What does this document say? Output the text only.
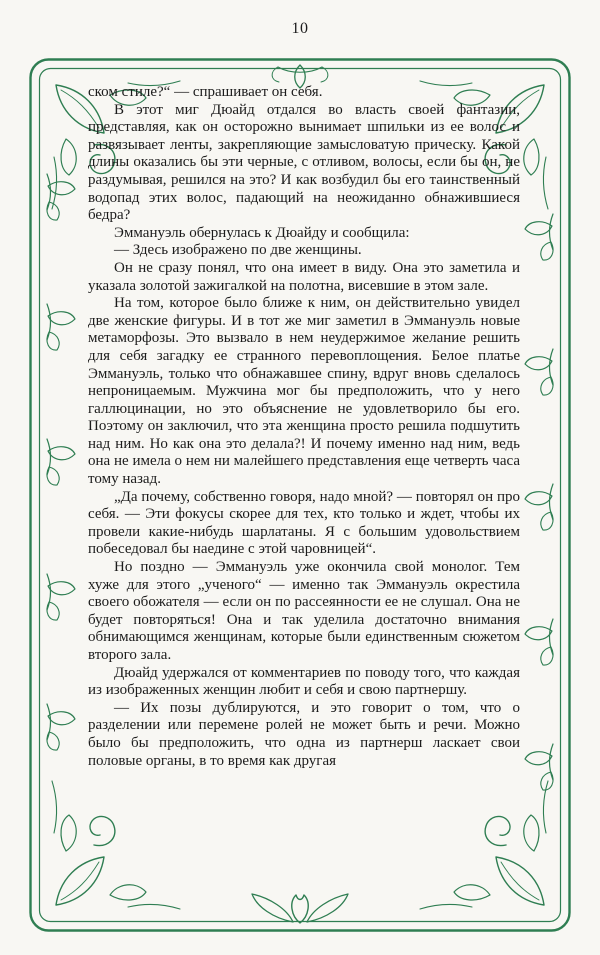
10

ском стиле?“ — спрашивает он себя.

В этот миг Дюайд отдался во власть своей фантазии, представляя, как он осторожно вынимает шпильки из ее волос и развязывает ленты, закрепляющие замысловатую прическу. Какой длины оказались бы эти черные, с отливом, волосы, если бы он, не раздумывая, решился на это? И как возбудил бы его таинственный водопад этих волос, падающий на неожиданно обнажившиеся бедра?

Эммануэль обернулась к Дюайду и сообщила:

— Здесь изображено по две женщины.

Он не сразу понял, что она имеет в виду. Она это заметила и указала золотой зажигалкой на полотна, висевшие в этом зале.

На том, которое было ближе к ним, он действительно увидел две женские фигуры. И в тот же миг заметил в Эммануэль новые метаморфозы. Это вызвало в нем неудержимое желание решить для себя загадку ее странного перевоплощения. Белое платье Эммануэль, только что обнажавшее спину, вдруг вновь сделалось непроницаемым. Мужчина мог бы предположить, что у него галлюцинации, но это объяснение не удовлетворило бы его. Поэтому он заключил, что эта женщина просто решила подшутить над ним. Но как она это делала?! И почему именно над ним, ведь она не имела о нем ни малейшего представления еще четверть часа тому назад.

„Да почему, собственно говоря, надо мной? — повторял он про себя. — Эти фокусы скорее для тех, кто только и ждет, чтобы их провели какие-нибудь шарлатаны. Я с большим удовольствием побеседовал бы наедине с этой чаровницей“.

Но поздно — Эммануэль уже окончила свой монолог. Тем хуже для этого „ученого“ — именно так Эммануэль окрестила своего обожателя — если он по рассеянности ее не слушал. Она не будет повторяться! Она и так уделила достаточно внимания обнимающимся женщинам, которые были единственным сюжетом второго зала.

Дюайд удержался от комментариев по поводу того, что каждая из изображенных женщин любит и себя и свою партнершу.

— Их позы дублируются, и это говорит о том, что о разделении или перемене ролей не может быть и речи. Можно было бы предположить, что одна из партнерш ласкает свои половые органы, в то время как другая
